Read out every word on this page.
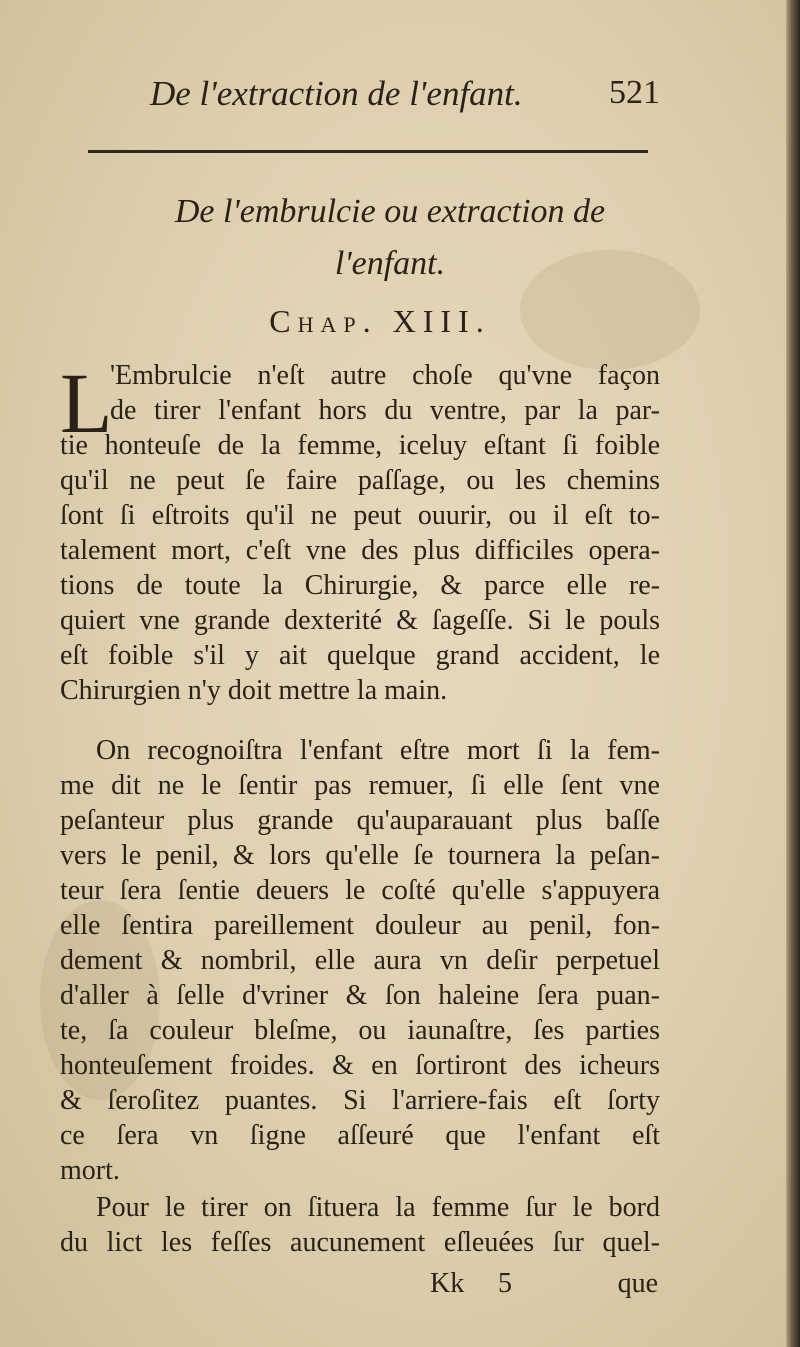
De l'extraction de l'enfant.	521
De l'embrulcie ou extraction de
l'enfant.
Chap. XIII.
L
'Embrulcie n'eſt autre choſe qu'vne façon
de tirer l'enfant hors du ventre, par la par-
tie honteuſe de la femme, iceluy eſtant ſi foible
qu'il ne peut ſe faire paſſage, ou les chemins
ſont ſi eſtroits qu'il ne peut ouurir, ou il eſt to-
talement mort, c'eſt vne des plus difficiles opera-
tions de toute la Chirurgie, & parce elle re-
quiert vne grande dexterité & ſageſſe. Si le pouls
eſt foible s'il y ait quelque grand accident, le
Chirurgien n'y doit mettre la main.
On recognoiſtra l'enfant eſtre mort ſi la fem-
me dit ne le ſentir pas remuer, ſi elle ſent vne
peſanteur plus grande qu'auparauant plus baſſe
vers le penil, & lors qu'elle ſe tournera la peſan-
teur ſera ſentie deuers le coſté qu'elle s'appuyera
elle ſentira pareillement douleur au penil, fon-
dement & nombril, elle aura vn deſir perpetuel
d'aller à ſelle d'vriner & ſon haleine ſera puan-
te, ſa couleur bleſme, ou iaunaſtre, ſes parties
honteuſement froides. & en ſortiront des icheurs
& ſeroſitez puantes. Si l'arriere-fais eſt ſorty
ce ſera vn ſigne aſſeuré que l'enfant eſt
mort.
Pour le tirer on ſituera la femme ſur le bord
du lict les feſſes aucunement eſleuées ſur quel-
Kk 5	que
